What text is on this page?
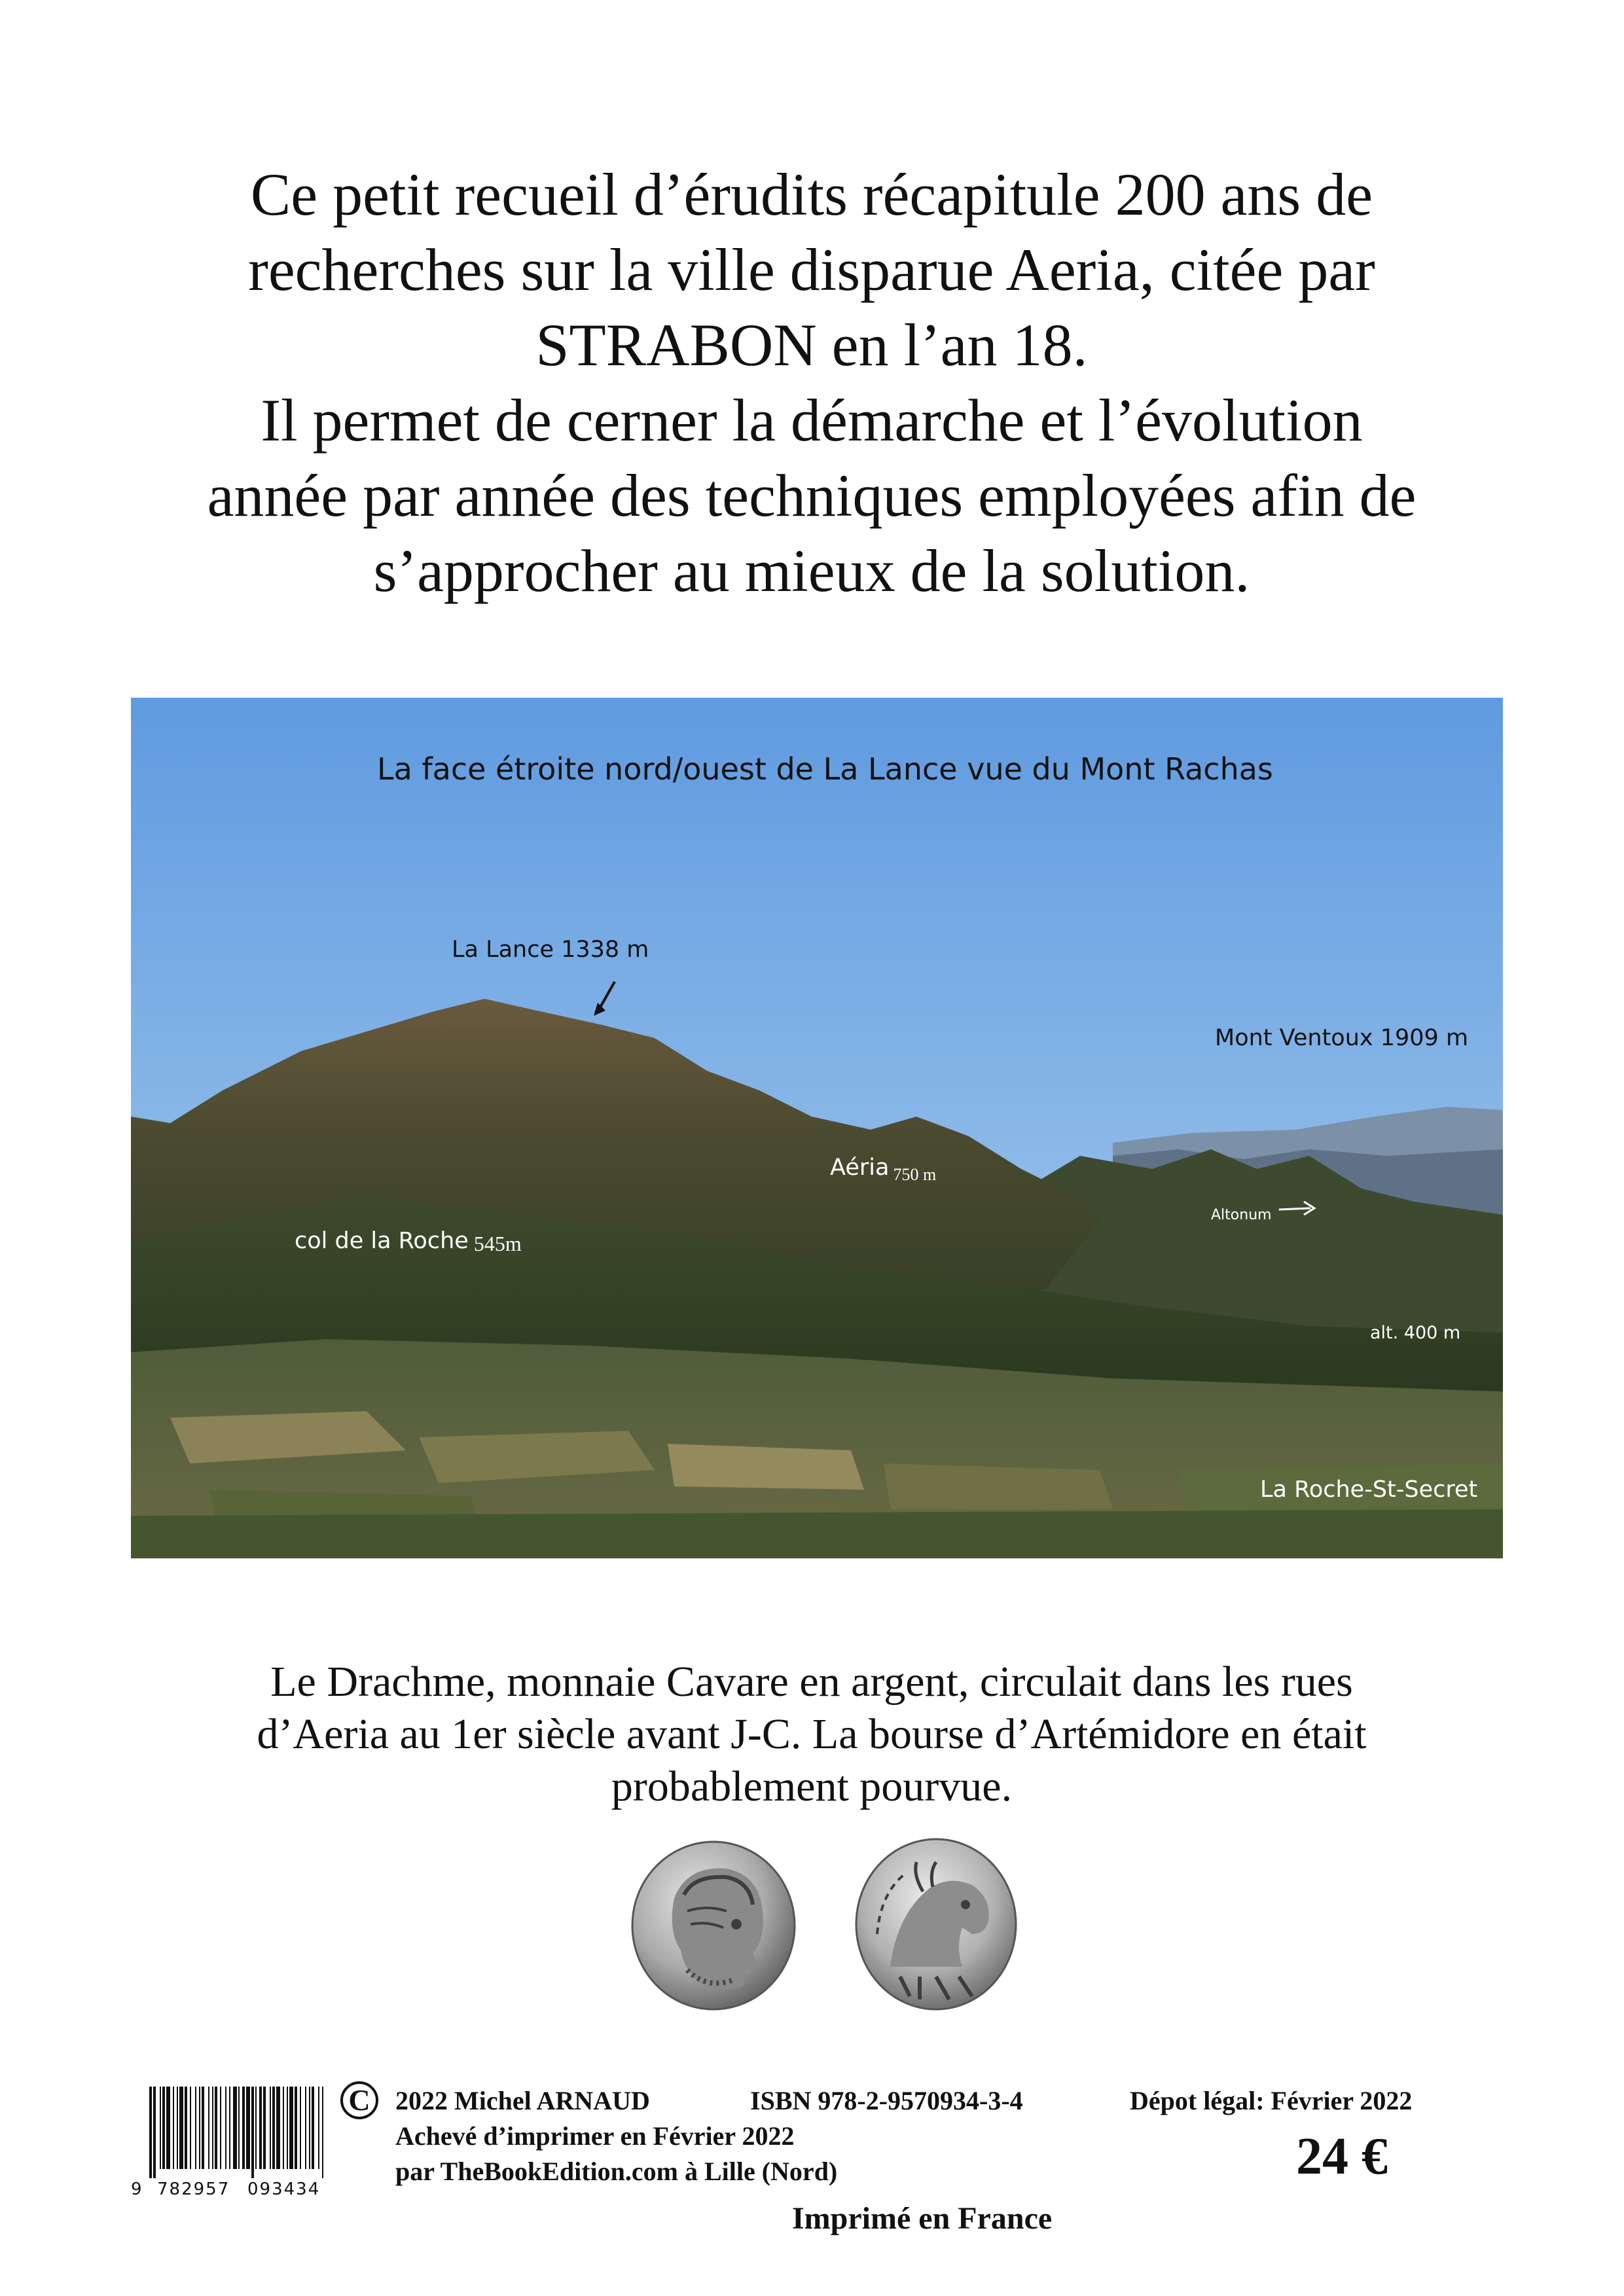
Ce petit recueil d’érudits récapitule 200 ans de
recherches sur la ville disparue Aeria, citée par
STRABON en l’an 18.
Il permet de cerner la démarche et l’évolution
année par année des techniques employées afin de
s’approcher au mieux de la solution.
La face étroite nord/ouest de La Lance vue du Mont Rachas
La Lance 1338 m
Mont Ventoux 1909 m
Aéria $_{750 m}$
Altonum
col de la Roche 545m
alt. 400 m
La Roche-St-Secret
Le Drachme, monnaie Cavare en argent, circulait dans les rues
d’Aeria au 1er siècle avant J-C. La bourse d’Artémidore en était
probablement pourvue.
9 782957 093434
C 2022 Michel ARNAUD	ISBN 978-2-9570934-3-4	Dépot légal: Février 2022
Achevé d’imprimer en Février 2022
par TheBookEdition.com à Lille (Nord)	24 €
Imprimé en France
